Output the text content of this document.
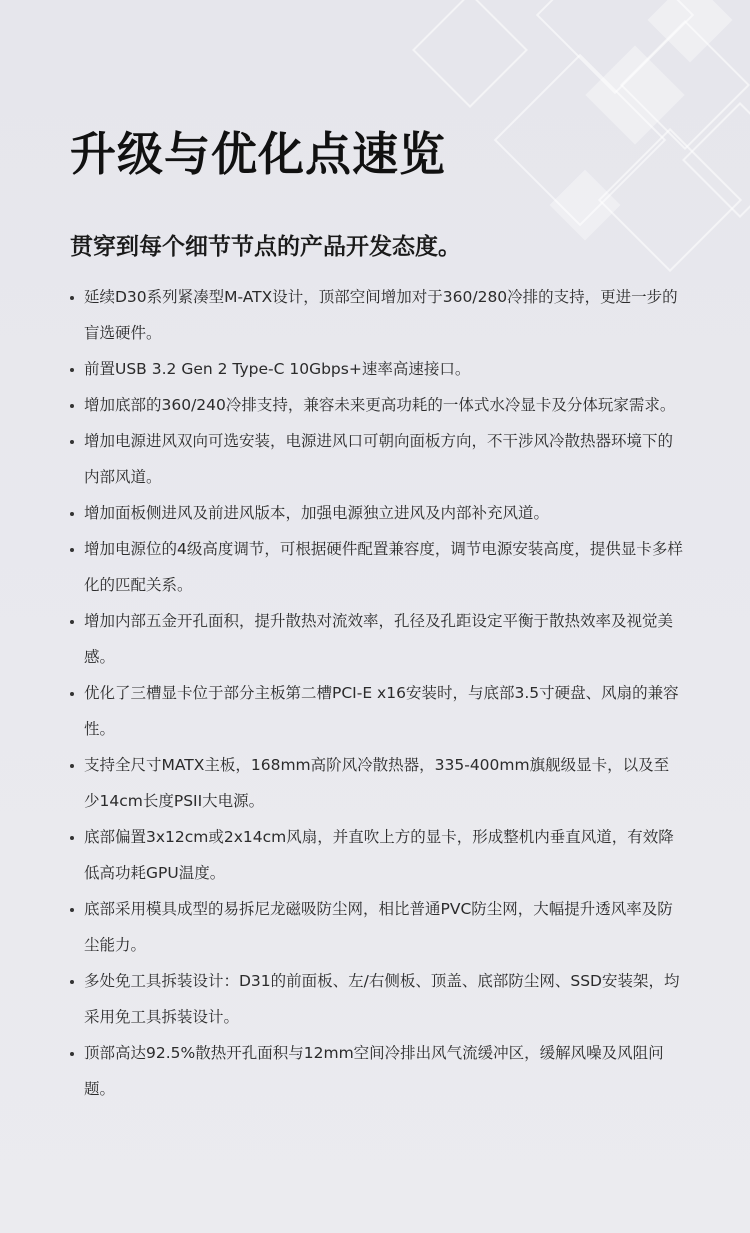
升级与优化点速览
贯穿到每个细节节点的产品开发态度。
延续D30系列紧凑型M-ATX设计，顶部空间增加对于360/280冷排的支持，更进一步的盲选硬件。
前置USB 3.2 Gen 2 Type-C 10Gbps+速率高速接口。
增加底部的360/240冷排支持，兼容未来更高功耗的一体式水冷显卡及分体玩家需求。
增加电源进风双向可选安装，电源进风口可朝向面板方向，不干涉风冷散热器环境下的内部风道。
增加面板侧进风及前进风版本，加强电源独立进风及内部补充风道。
增加电源位的4级高度调节，可根据硬件配置兼容度，调节电源安装高度，提供显卡多样化的匹配关系。
增加内部五金开孔面积，提升散热对流效率，孔径及孔距设定平衡于散热效率及视觉美感。
优化了三槽显卡位于部分主板第二槽PCI-E x16安装时，与底部3.5寸硬盘、风扇的兼容性。
支持全尺寸MATX主板，168mm高阶风冷散热器，335-400mm旗舰级显卡，以及至少14cm长度PSII大电源。
底部偏置3x12cm或2x14cm风扇，并直吹上方的显卡，形成整机内垂直风道，有效降低高功耗GPU温度。
底部采用模具成型的易拆尼龙磁吸防尘网，相比普通PVC防尘网，大幅提升透风率及防尘能力。
多处免工具拆装设计：D31的前面板、左/右侧板、顶盖、底部防尘网、SSD安装架，均采用免工具拆装设计。
顶部高达92.5%散热开孔面积与12mm空间冷排出风气流缓冲区，缓解风噪及风阻问题。
